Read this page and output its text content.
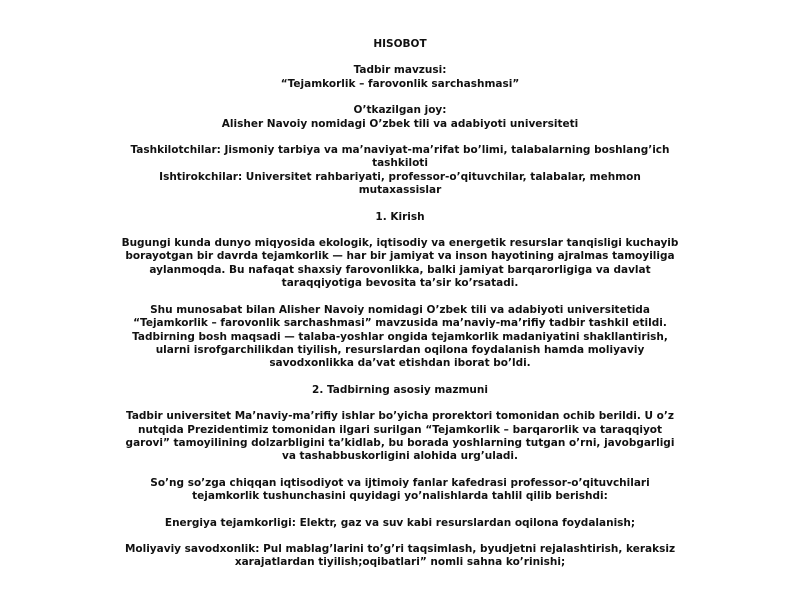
HISOBOT

Tadbir mavzusi:

“Tejamkorlik – farovonlik sarchashmasi”

O’tkazilgan joy:

Alisher Navoiy nomidagi O’zbek tili va adabiyoti universiteti

Tashkilotchilar: Jismoniy tarbiya va ma’naviyat-ma’rifat bo’limi, talabalarning boshlang’ich tashkiloti

Ishtirokchilar: Universitet rahbariyati, professor-o’qituvchilar, talabalar, mehmon mutaxassislar

1. Kirish

Bugungi kunda dunyo miqyosida ekologik, iqtisodiy va energetik resurslar tanqisligi kuchayib borayotgan bir davrda tejamkorlik — har bir jamiyat va inson hayotining ajralmas tamoyiliga aylanmoqda. Bu nafaqat shaxsiy farovonlikka, balki jamiyat barqarorligiga va davlat taraqqiyotiga bevosita ta’sir ko’rsatadi.

Shu munosabat bilan Alisher Navoiy nomidagi O’zbek tili va adabiyoti universitetida “Tejamkorlik – farovonlik sarchashmasi” mavzusida ma’naviy-ma’rifiy tadbir tashkil etildi. Tadbirning bosh maqsadi — talaba-yoshlar ongida tejamkorlik madaniyatini shakllantirish, ularni isrofgarchilikdan tiyilish, resurslardan oqilona foydalanish hamda moliyaviy savodxonlikka da’vat etishdan iborat bo’ldi.

2. Tadbirning asosiy mazmuni

Tadbir universitet Ma’naviy-ma’rifiy ishlar bo’yicha prorektori tomonidan ochib berildi. U o’z nutqida Prezidentimiz tomonidan ilgari surilgan “Tejamkorlik – barqarorlik va taraqqiyot garovi” tamoyilining dolzarbligini ta’kidlab, bu borada yoshlarning tutgan o’rni, javobgarligi va tashabbuskorligini alohida urg’uladi.

So’ng so’zga chiqqan iqtisodiyot va ijtimoiy fanlar kafedrasi professor-o’qituvchilari tejamkorlik tushunchasini quyidagi yo’nalishlarda tahlil qilib berishdi:

Energiya tejamkorligi: Elektr, gaz va suv kabi resurslardan oqilona foydalanish;

Moliyaviy savodxonlik: Pul mablag’larini to’g’ri taqsimlash, byudjetni rejalashtirish, keraksiz xarajatlardan tiyilish;oqibatlari” nomli sahna ko’rinishi;
